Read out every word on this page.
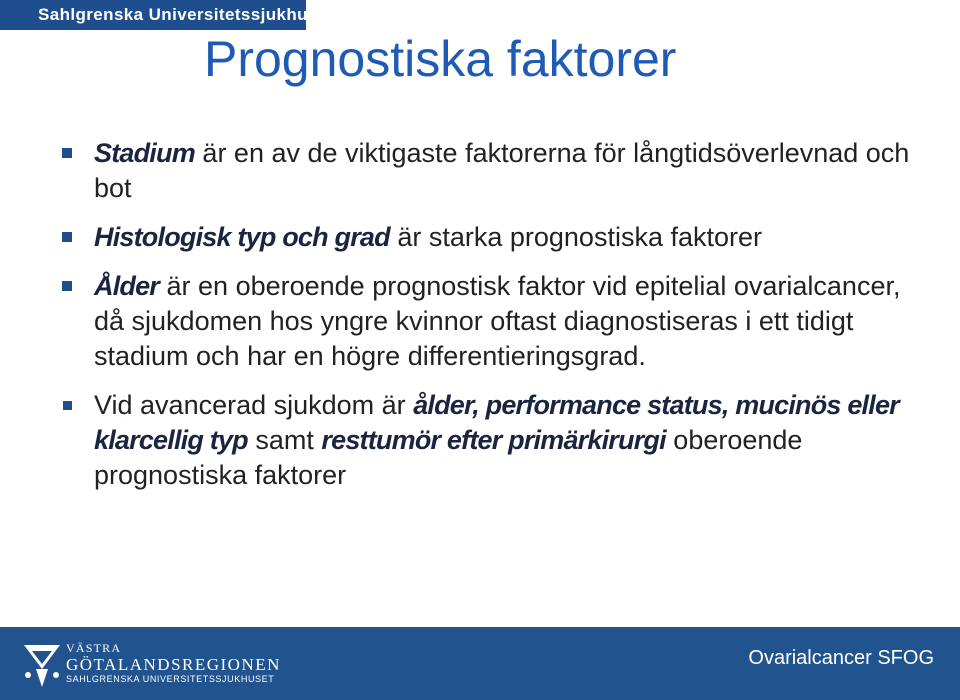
Sahlgrenska Universitetssjukhuset
Prognostiska faktorer
Stadium är en av de viktigaste faktorerna för långtidsöverlevnad och bot
Histologisk typ och grad är starka prognostiska faktorer
Ålder är en oberoende prognostisk faktor vid epitelial ovarialcancer, då sjukdomen hos yngre kvinnor oftast diagnostiseras i ett tidigt stadium och har en högre differentieringsgrad.
Vid avancerad sjukdom är ålder, performance status, mucinös eller klarcellig typ samt resttumör efter primärkirurgi oberoende prognostiska faktorer
VÄSTRA
GÖTALANDSREGIONEN
SAHLGRENSKA UNIVERSITETSSJUKHUSET
Ovarialcancer SFOG
